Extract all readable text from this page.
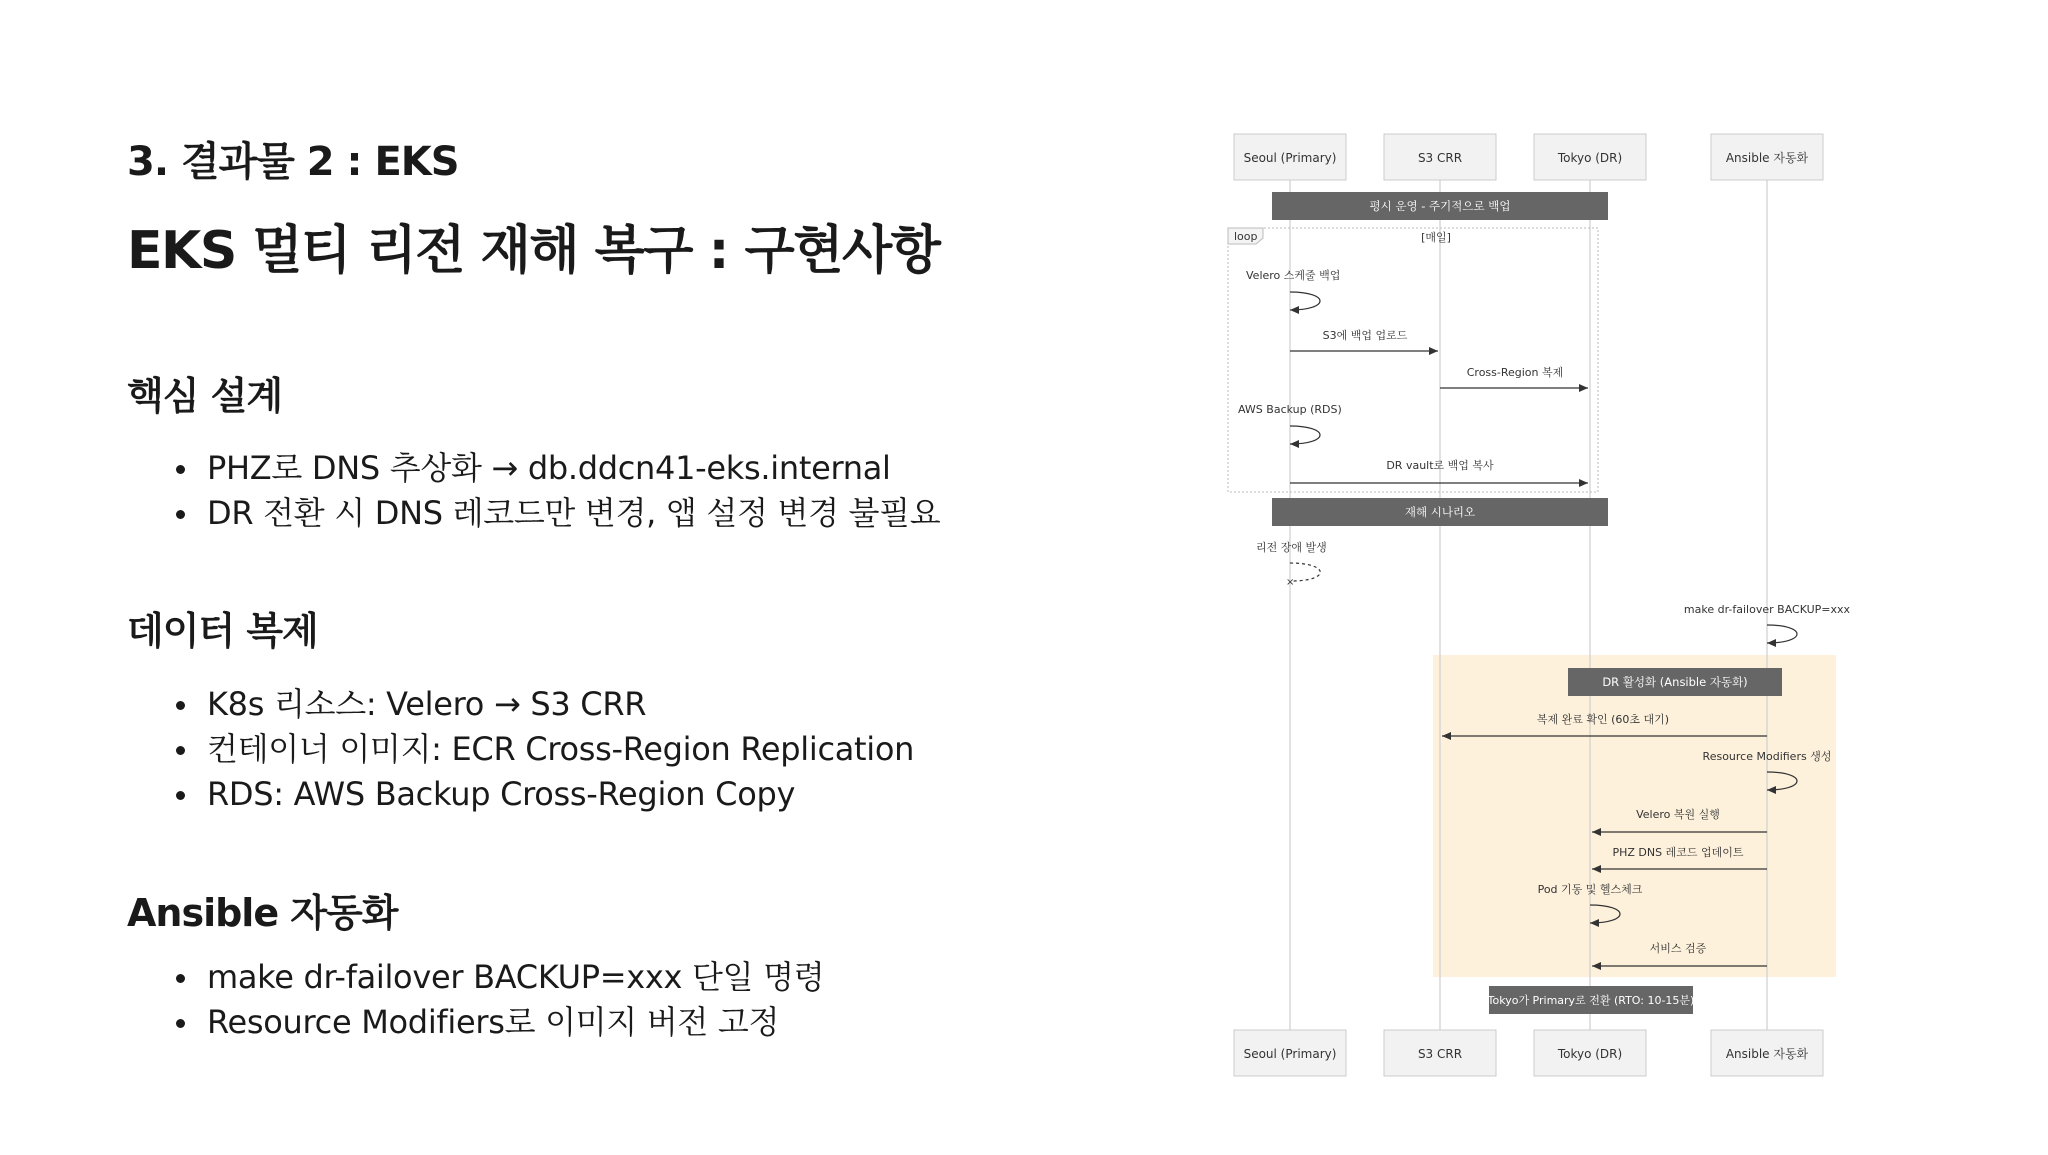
3. 결과물 2 : EKS
EKS 멀티 리전 재해 복구 : 구현사항
핵심 설계
PHZ로 DNS 추상화 → db.ddcn41-eks.internal
DR 전환 시 DNS 레코드만 변경, 앱 설정 변경 불필요
데이터 복제
K8s 리소스: Velero → S3 CRR
컨테이너 이미지: ECR Cross-Region Replication
RDS: AWS Backup Cross-Region Copy
Ansible 자동화
make dr-failover BACKUP=xxx 단일 명령
Resource Modifiers로 이미지 버전 고정
Seoul (Primary)	S3 CRR	Tokyo (DR)	Ansible 자동화
평시 운영 - 주기적으로 백업
loop	[매일]
Velero 스케줄 백업
S3에 백업 업로드
Cross-Region 복제
AWS Backup (RDS)
DR vault로 백업 복사
재해 시나리오
리전 장애 발생
×
make dr-failover BACKUP=xxx
DR 활성화 (Ansible 자동화)
복제 완료 확인 (60초 대기)
Resource Modifiers 생성
Velero 복원 실행
PHZ DNS 레코드 업데이트
Pod 기동 및 헬스체크
서비스 검증
Tokyo가 Primary로 전환 (RTO: 10-15분)
Seoul (Primary)	S3 CRR	Tokyo (DR)	Ansible 자동화
